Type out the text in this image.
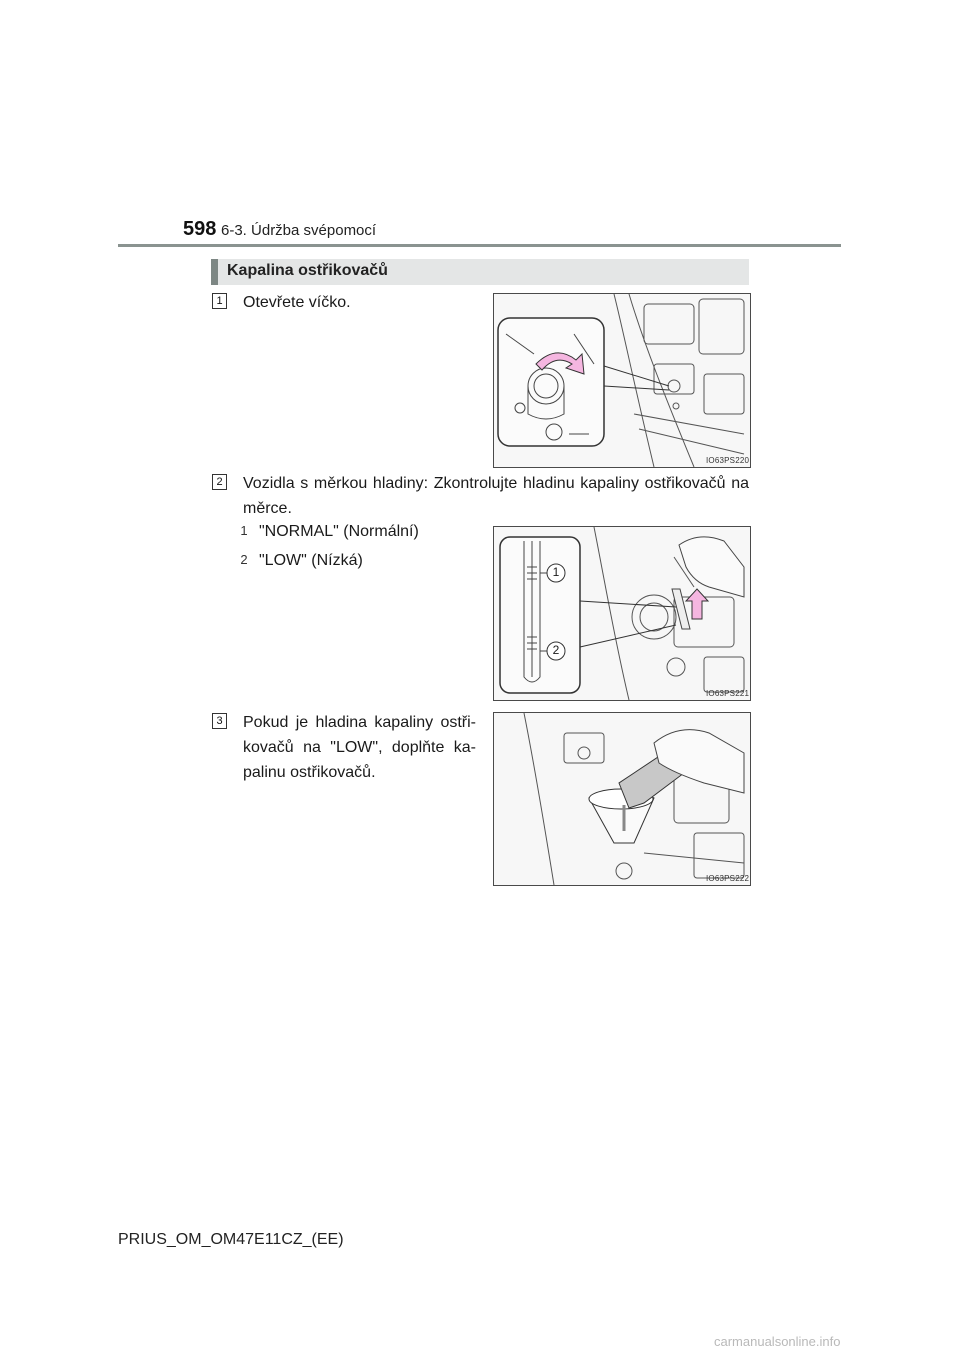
598 6-3. Údržba svépomocí
Kapalina ostřikovačů
1 Otevřete víčko.
IO63PS220
2 Vozidla s měrkou hladiny: Zkontrolujte hladinu kapaliny ostřikovačů na měrce.
1 "NORMAL" (Normální)
2 "LOW" (Nízká)
1
2
IO63PS221
3 Pokud je hladina kapaliny ostři-kovačů na "LOW", doplňte ka-palinu ostřikovačů.
IO63PS222
PRIUS_OM_OM47E11CZ_(EE)
carmanualsonline.info
